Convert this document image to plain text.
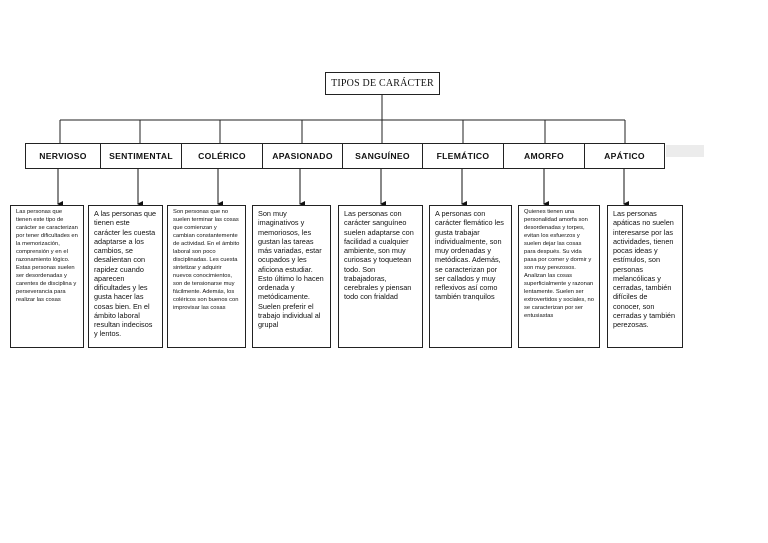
TIPOS DE CARÁCTER
NERVIOSO	SENTIMENTAL	COLÉRICO	APASIONADO	SANGUÍNEO	FLEMÁTICO	AMORFO	APÁTICO
Las personas que tienen este tipo de carácter se caracterizan por tener dificultades en la memorización, comprensión y en el razonamiento lógico. Estas personas suelen ser desordenadas y carentes de disciplina y perseverancia para realizar las cosas
A las personas que tienen este carácter les cuesta adaptarse a los cambios, se desalientan con rapidez cuando aparecen dificultades y les gusta hacer las cosas bien. En el ámbito laboral resultan indecisos y lentos.
Son personas que no suelen terminar las cosas que comienzan y cambian constantemente de actividad. En el ámbito laboral son poco disciplinadas. Les cuesta sintetizar y adquirir nuevos conocimientos, son de tensionarse muy fácilmente. Además, los coléricos son buenos con improvisar las cosas
Son muy imaginativos y memoriosos, les gustan las tareas más variadas, estar ocupados y les aficiona estudiar. Esto último lo hacen ordenada y metódicamente. Suelen preferir el trabajo individual al grupal
Las personas con carácter sanguíneo suelen adaptarse con facilidad a cualquier ambiente, son muy curiosas y toquetean todo. Son trabajadoras, cerebrales y piensan todo con frialdad
A personas con carácter flemático les gusta trabajar individualmente, son muy ordenadas y metódicas. Además, se caracterizan por ser callados y muy reflexivos así como también tranquilos
Quienes tienen una personalidad amorfa son desordenadas y torpes, evitan los esfuerzos y suelen dejar las cosas para después. Su vida pasa por comer y dormir y son muy perezosos. Analizan las cosas superficialmente y razonan lentamente. Suelen ser extrovertidos y sociales, no se caracterizan por ser entusiastas
Las personas apáticas no suelen interesarse por las actividades, tienen pocas ideas y estímulos, son personas melancólicas y cerradas, también difíciles de conocer, son cerradas y también perezosas.
